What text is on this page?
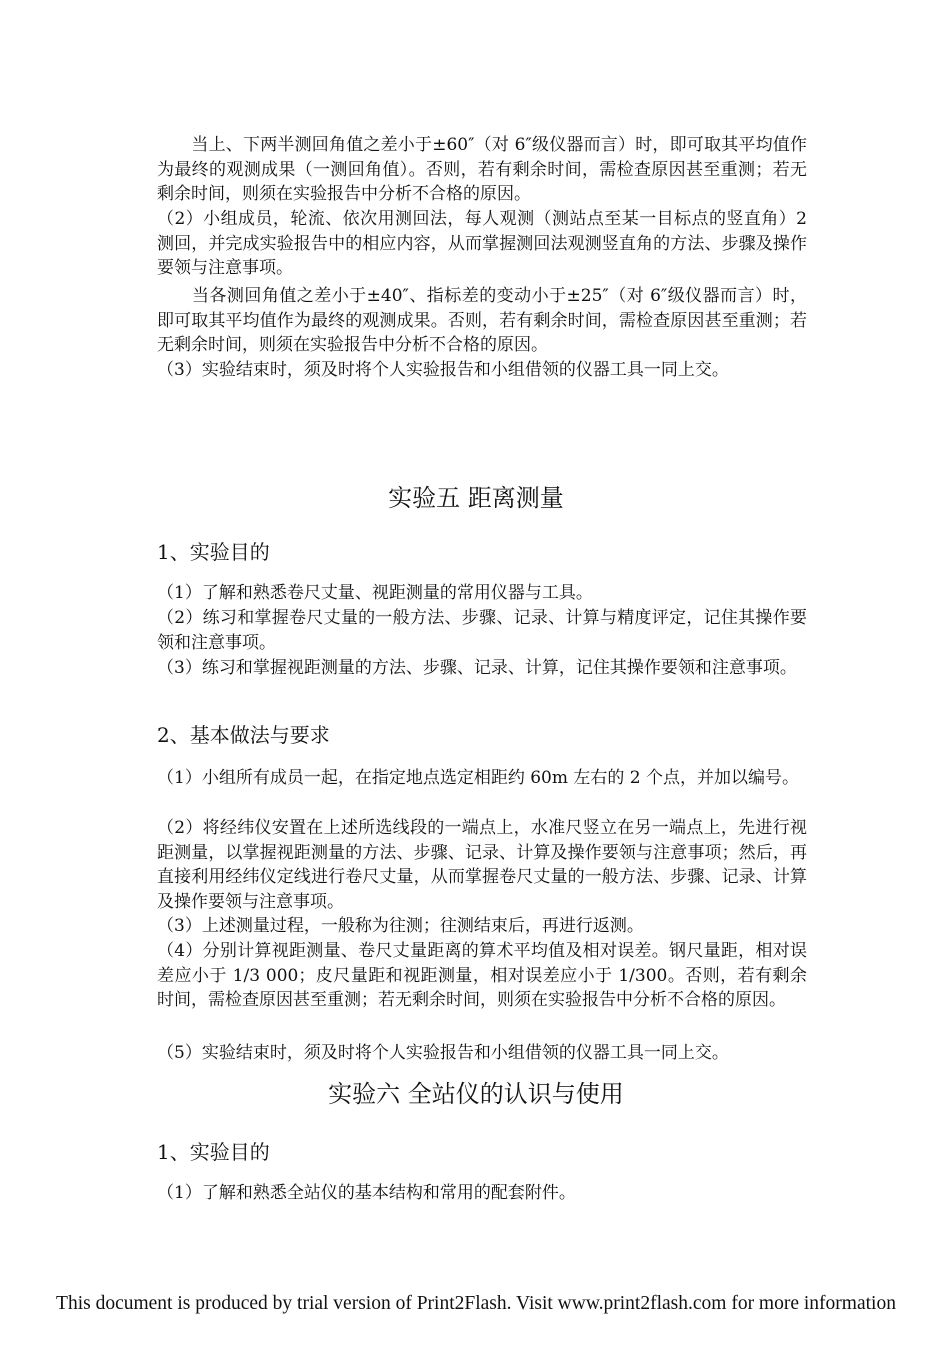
　　当上、下两半测回角值之差小于±60″（对 6″级仪器而言）时，即可取其平均值作为最终的观测成果（一测回角值）。否则，若有剩余时间，需检查原因甚至重测；若无剩余时间，则须在实验报告中分析不合格的原因。

（2）小组成员，轮流、依次用测回法，每人观测（测站点至某一目标点的竖直角）2 测回，并完成实验报告中的相应内容，从而掌握测回法观测竖直角的方法、步骤及操作要领与注意事项。

　　当各测回角值之差小于±40″、指标差的变动小于±25″（对 6″级仪器而言）时，即可取其平均值作为最终的观测成果。否则，若有剩余时间，需检查原因甚至重测；若无剩余时间，则须在实验报告中分析不合格的原因。

（3）实验结束时，须及时将个人实验报告和小组借领的仪器工具一同上交。

实验五 距离测量
1、实验目的

（1）了解和熟悉卷尺丈量、视距测量的常用仪器与工具。

（2）练习和掌握卷尺丈量的一般方法、步骤、记录、计算与精度评定，记住其操作要领和注意事项。

（3）练习和掌握视距测量的方法、步骤、记录、计算，记住其操作要领和注意事项。

2、基本做法与要求

（1）小组所有成员一起，在指定地点选定相距约 60m 左右的 2 个点，并加以编号。

（2）将经纬仪安置在上述所选线段的一端点上，水准尺竖立在另一端点上，先进行视距测量，以掌握视距测量的方法、步骤、记录、计算及操作要领与注意事项；然后，再直接利用经纬仪定线进行卷尺丈量，从而掌握卷尺丈量的一般方法、步骤、记录、计算及操作要领与注意事项。

（3）上述测量过程，一般称为往测；往测结束后，再进行返测。

（4）分别计算视距测量、卷尺丈量距离的算术平均值及相对误差。钢尺量距，相对误差应小于 1/3 000；皮尺量距和视距测量，相对误差应小于 1/300。否则，若有剩余时间，需检查原因甚至重测；若无剩余时间，则须在实验报告中分析不合格的原因。

（5）实验结束时，须及时将个人实验报告和小组借领的仪器工具一同上交。

实验六 全站仪的认识与使用
1、实验目的

（1）了解和熟悉全站仪的基本结构和常用的配套附件。

This document is produced by trial version of Print2Flash. Visit www.print2flash.com for more information
